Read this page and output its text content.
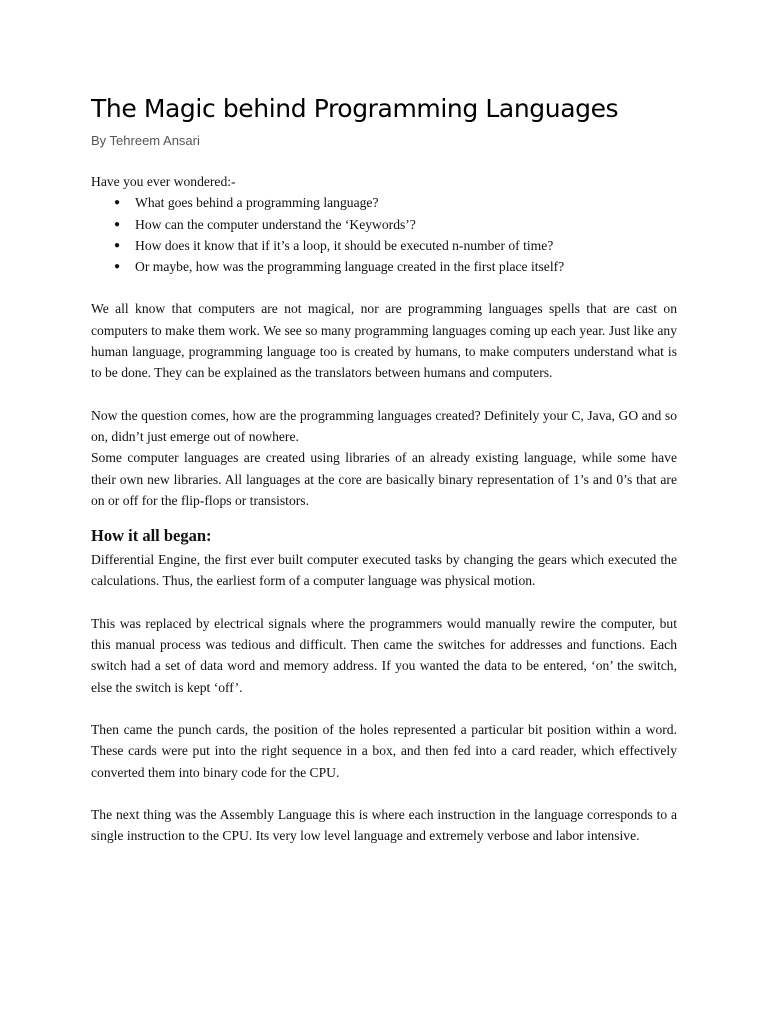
The Magic behind Programming Languages

By Tehreem Ansari

Have you ever wondered:-

● What goes behind a programming language?
● How can the computer understand the ‘Keywords’?
● How does it know that if it’s a loop, it should be executed n-number of time?
● Or maybe, how was the programming language created in the first place itself?

We all know that computers are not magical, nor are programming languages spells that are cast on computers to make them work. We see so many programming languages coming up each year. Just like any human language, programming language too is created by humans, to make computers understand what is to be done. They can be explained as the translators between humans and computers.

Now the question comes, how are the programming languages created? Definitely your C, Java, GO and so on, didn’t just emerge out of nowhere.

Some computer languages are created using libraries of an already existing language, while some have their own new libraries. All languages at the core are basically binary representation of 1’s and 0’s that are on or off for the flip-flops or transistors.

How it all began:

Differential Engine, the first ever built computer executed tasks by changing the gears which executed the calculations. Thus, the earliest form of a computer language was physical motion.

This was replaced by electrical signals where the programmers would manually rewire the computer, but this manual process was tedious and difficult. Then came the switches for addresses and functions. Each switch had a set of data word and memory address. If you wanted the data to be entered, ‘on’ the switch, else the switch is kept ‘off’.

Then came the punch cards, the position of the holes represented a particular bit position within a word. These cards were put into the right sequence in a box, and then fed into a card reader, which effectively converted them into binary code for the CPU.

The next thing was the Assembly Language this is where each instruction in the language corresponds to a single instruction to the CPU. Its very low level language and extremely verbose and labor intensive.
